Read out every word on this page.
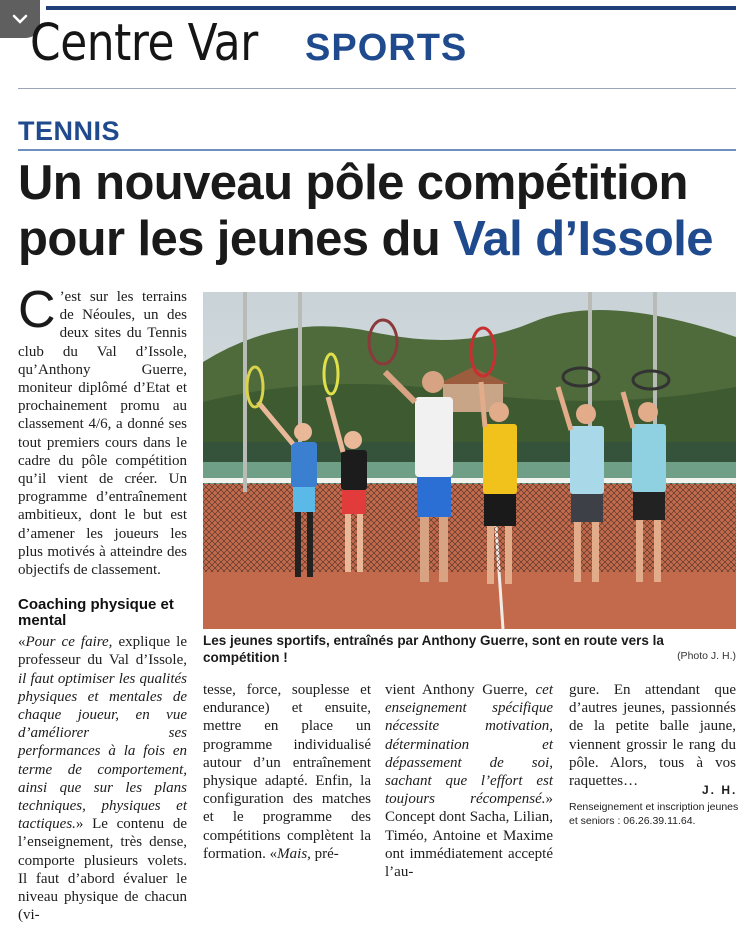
Centre Var SPORTS
TENNIS
Un nouveau pôle compétition
pour les jeunes du Val d’Issole

C ’est sur les terrains de Néoules, un des deux sites du Tennis club du Val d’Issole, qu’Anthony Guerre, moniteur diplômé d’Etat et prochainement promu au classement 4/6, a donné ses tout premiers cours dans le cadre du pôle compétition qu’il vient de créer. Un programme d’entraînement ambitieux, dont le but est d’amener les joueurs les plus motivés à atteindre des objectifs de classement.

Coaching physique et mental

«Pour ce faire, explique le professeur du Val d’Issole, il faut optimiser les qualités physiques et mentales de chaque joueur, en vue d’améliorer ses performances à la fois en terme de comportement, ainsi que sur les plans techniques, physiques et tactiques.» Le contenu de l’enseignement, très dense, comporte plusieurs volets. Il faut d’abord évaluer le niveau physique de chacun (vi-

Les jeunes sportifs, entraînés par Anthony Guerre, sont en route vers la compétition !	(Photo J. H.)

tesse, force, souplesse et endurance) et ensuite, mettre en place un programme individualisé autour d’un entraînement physique adapté. Enfin, la configuration des matches et le programme des compétitions complètent la formation. «Mais, pré-

vient Anthony Guerre, cet enseignement spécifique nécessite motivation, détermination et dépassement de soi, sachant que l’effort est toujours récompensé.» Concept dont Sacha, Lilian, Timéo, Antoine et Maxime ont immédiatement accepté l’au-

gure. En attendant que d’autres jeunes, passionnés de la petite balle jaune, viennent grossir le rang du pôle. Alors, tous à vos raquettes…

J. H.
Renseignement et inscription jeunes et seniors : 06.26.39.11.64.
